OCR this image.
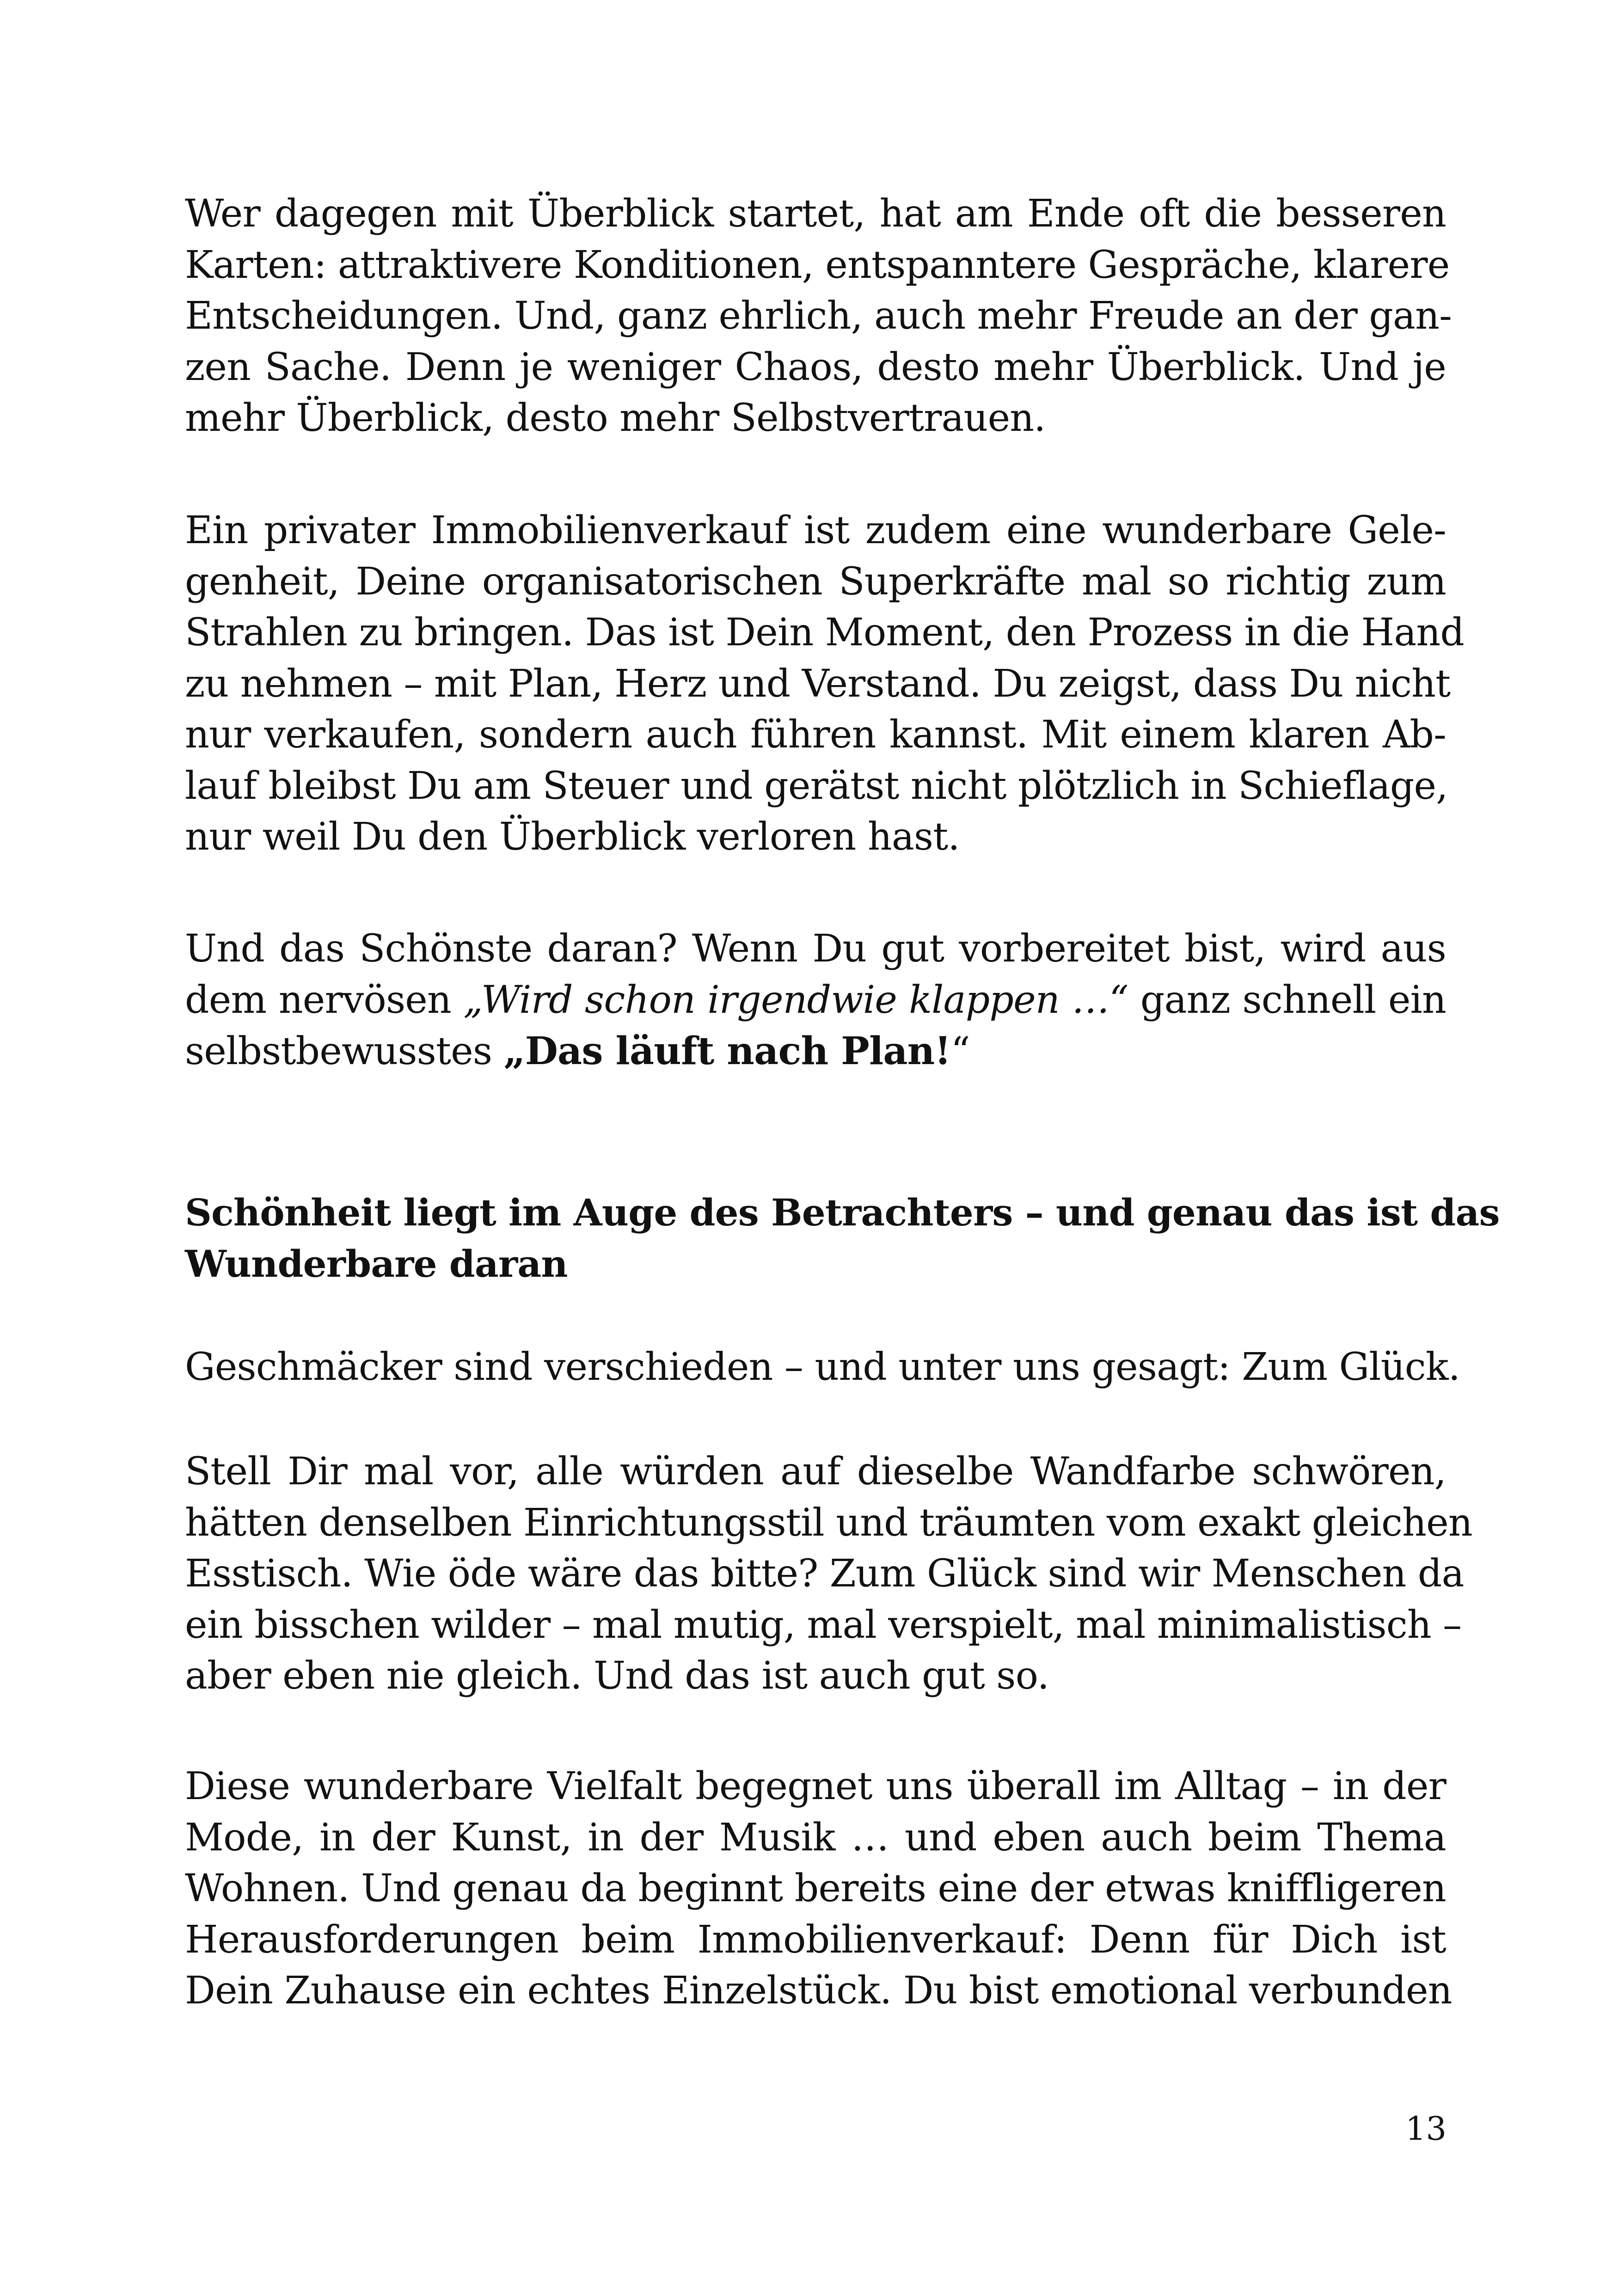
Wer dagegen mit Überblick startet, hat am Ende oft die besseren
Karten: attraktivere Konditionen, entspanntere Gespräche, klarere
Entscheidungen. Und, ganz ehrlich, auch mehr Freude an der gan-
zen Sache. Denn je weniger Chaos, desto mehr Überblick. Und je
mehr Überblick, desto mehr Selbstvertrauen.
Ein privater Immobilienverkauf ist zudem eine wunderbare Gele-
genheit, Deine organisatorischen Superkräfte mal so richtig zum
Strahlen zu bringen. Das ist Dein Moment, den Prozess in die Hand
zu nehmen – mit Plan, Herz und Verstand. Du zeigst, dass Du nicht
nur verkaufen, sondern auch führen kannst. Mit einem klaren Ab-
lauf bleibst Du am Steuer und gerätst nicht plötzlich in Schieflage,
nur weil Du den Überblick verloren hast.
Und das Schönste daran? Wenn Du gut vorbereitet bist, wird aus
dem nervösen „Wird schon irgendwie klappen …“ ganz schnell ein
selbstbewusstes „Das läuft nach Plan!“
Schönheit liegt im Auge des Betrachters – und genau das ist das
Wunderbare daran
Geschmäcker sind verschieden – und unter uns gesagt: Zum Glück.
Stell Dir mal vor, alle würden auf dieselbe Wandfarbe schwören,
hätten denselben Einrichtungsstil und träumten vom exakt gleichen
Esstisch. Wie öde wäre das bitte? Zum Glück sind wir Menschen da
ein bisschen wilder – mal mutig, mal verspielt, mal minimalistisch –
aber eben nie gleich. Und das ist auch gut so.
Diese wunderbare Vielfalt begegnet uns überall im Alltag – in der
Mode, in der Kunst, in der Musik … und eben auch beim Thema
Wohnen. Und genau da beginnt bereits eine der etwas kniffligeren
Herausforderungen beim Immobilienverkauf: Denn für Dich ist
Dein Zuhause ein echtes Einzelstück. Du bist emotional verbunden
13
